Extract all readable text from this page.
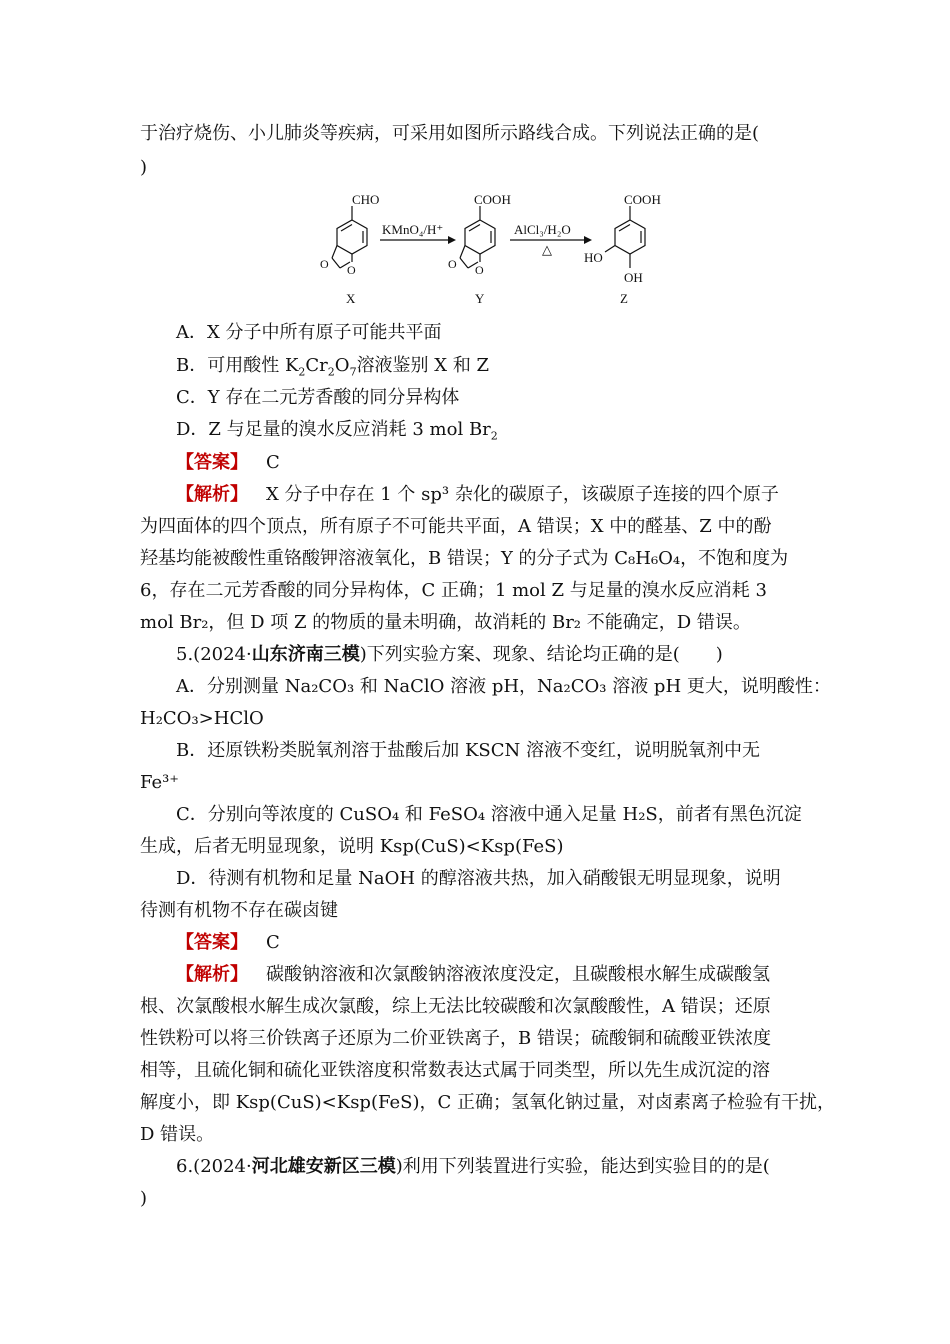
于治疗烧伤、小儿肺炎等疾病，可采用如图所示路线合成。下列说法正确的是(
)
CHO	COOH	COOH
HO
OH
O O	O O
KMnO₄/H⁺	AlCl₃/H₂O
△
X	Y	Z
A．X 分子中所有原子可能共平面
B．可用酸性 $K_2Cr_2O_7$溶液鉴别 X 和 Z
C．Y 存在二元芳香酸的同分异构体
D．Z 与足量的溴水反应消耗 3 mol $Br_2$
【答案】 C
【解析】 X 分子中存在 1 个 sp³ 杂化的碳原子，该碳原子连接的四个原子
为四面体的四个顶点，所有原子不可能共平面，A 错误；X 中的醛基、Z 中的酚
羟基均能被酸性重铬酸钾溶液氧化，B 错误；Y 的分子式为 C₈H₆O₄，不饱和度为
6，存在二元芳香酸的同分异构体，C 正确；1 mol Z 与足量的溴水反应消耗 3
mol Br₂，但 D 项 Z 的物质的量未明确，故消耗的 Br₂ 不能确定，D 错误。
5.(2024·山东济南三模)下列实验方案、现象、结论均正确的是(　　)
A．分别测量 Na₂CO₃ 和 NaClO 溶液 pH，Na₂CO₃ 溶液 pH 更大，说明酸性：
H₂CO₃>HClO
B．还原铁粉类脱氧剂溶于盐酸后加 KSCN 溶液不变红，说明脱氧剂中无
Fe³⁺
C．分别向等浓度的 CuSO₄ 和 FeSO₄ 溶液中通入足量 H₂S，前者有黑色沉淀
生成，后者无明显现象，说明 Ksp(CuS)<Ksp(FeS)
D．待测有机物和足量 NaOH 的醇溶液共热，加入硝酸银无明显现象，说明
待测有机物不存在碳卤键
【答案】 C
【解析】 碳酸钠溶液和次氯酸钠溶液浓度没定，且碳酸根水解生成碳酸氢
根、次氯酸根水解生成次氯酸，综上无法比较碳酸和次氯酸酸性，A 错误；还原
性铁粉可以将三价铁离子还原为二价亚铁离子，B 错误；硫酸铜和硫酸亚铁浓度
相等，且硫化铜和硫化亚铁溶度积常数表达式属于同类型，所以先生成沉淀的溶
解度小，即 Ksp(CuS)<Ksp(FeS)，C 正确；氢氧化钠过量，对卤素离子检验有干扰，
D 错误。
6.(2024·河北雄安新区三模)利用下列装置进行实验，能达到实验目的的是(
)
